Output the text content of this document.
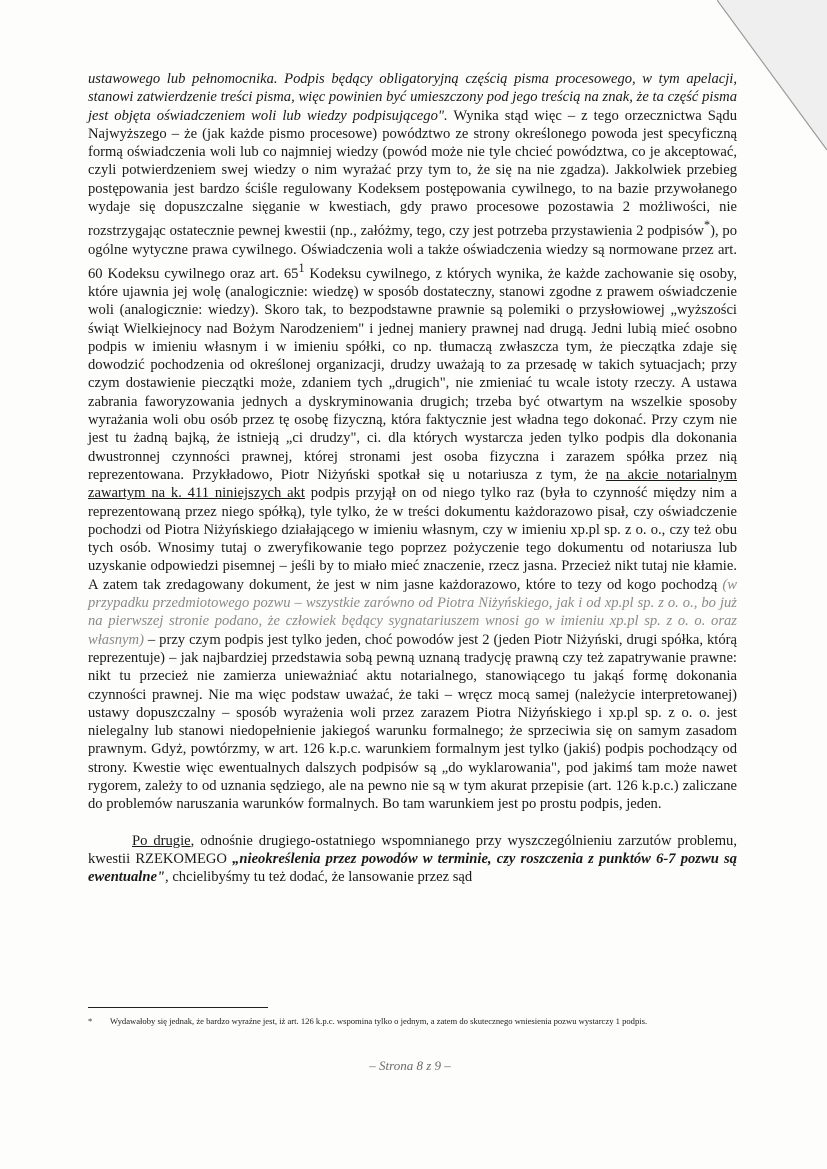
ustawowego lub pełnomocnika. Podpis będący obligatoryjną częścią pisma procesowego, w tym apelacji, stanowi zatwierdzenie treści pisma, więc powinien być umieszczony pod jego treścią na znak, że ta część pisma jest objęta oświadczeniem woli lub wiedzy podpisującego". Wynika stąd więc – z tego orzecznictwa Sądu Najwyższego – że (jak każde pismo procesowe) powództwo ze strony określonego powoda jest specyficzną formą oświadczenia woli lub co najmniej wiedzy (powód może nie tyle chcieć powództwa, co je akceptować, czyli potwierdzeniem swej wiedzy o nim wyrażać przy tym to, że się na nie zgadza). Jakkolwiek przebieg postępowania jest bardzo ściśle regulowany Kodeksem postępowania cywilnego, to na bazie przywołanego wydaje się dopuszczalne sięganie w kwestiach, gdy prawo procesowe pozostawia 2 możliwości, nie rozstrzygając ostatecznie pewnej kwestii (np., załóżmy, tego, czy jest potrzeba przystawienia 2 podpisów*), po ogólne wytyczne prawa cywilnego. Oświadczenia woli a także oświadczenia wiedzy są normowane przez art. 60 Kodeksu cywilnego oraz art. $65^1$ Kodeksu cywilnego, z których wynika, że każde zachowanie się osoby, które ujawnia jej wolę (analogicznie: wiedzę) w sposób dostateczny, stanowi zgodne z prawem oświadczenie woli (analogicznie: wiedzy). Skoro tak, to bezpodstawne prawnie są polemiki o przysłowiowej „wyższości świąt Wielkiejnocy nad Bożym Narodzeniem" i jednej maniery prawnej nad drugą. Jedni lubią mieć osobno podpis w imieniu własnym i w imieniu spółki, co np. tłumaczą zwłaszcza tym, że pieczątka zdaje się dowodzić pochodzenia od określonej organizacji, drudzy uważają to za przesadę w takich sytuacjach; przy czym dostawienie pieczątki może, zdaniem tych „drugich", nie zmieniać tu wcale istoty rzeczy. A ustawa zabrania faworyzowania jednych a dyskryminowania drugich; trzeba być otwartym na wszelkie sposoby wyrażania woli obu osób przez tę osobę fizyczną, która faktycznie jest władna tego dokonać. Przy czym nie jest tu żadną bajką, że istnieją „ci drudzy", ci. dla których wystarcza jeden tylko podpis dla dokonania dwustronnej czynności prawnej, której stronami jest osoba fizyczna i zarazem spółka przez nią reprezentowana. Przykładowo, Piotr Niżyński spotkał się u notariusza z tym, że na akcie notarialnym zawartym na k. 411 niniejszych akt podpis przyjął on od niego tylko raz (była to czynność między nim a reprezentowaną przez niego spółką), tyle tylko, że w treści dokumentu każdorazowo pisał, czy oświadczenie pochodzi od Piotra Niżyńskiego działającego w imieniu własnym, czy w imieniu xp.pl sp. z o. o., czy też obu tych osób. Wnosimy tutaj o zweryfikowanie tego poprzez pożyczenie tego dokumentu od notariusza lub uzyskanie odpowiedzi pisemnej – jeśli by to miało mieć znaczenie, rzecz jasna. Przecież nikt tutaj nie kłamie. A zatem tak zredagowany dokument, że jest w nim jasne każdorazowo, które to tezy od kogo pochodzą (w przypadku przedmiotowego pozwu – wszystkie zarówno od Piotra Niżyńskiego, jak i od xp.pl sp. z o. o., bo już na pierwszej stronie podano, że człowiek będący sygnatariuszem wnosi go w imieniu xp.pl sp. z o. o. oraz własnym) – przy czym podpis jest tylko jeden, choć powodów jest 2 (jeden Piotr Niżyński, drugi spółka, którą reprezentuje) – jak najbardziej przedstawia sobą pewną uznaną tradycję prawną czy też zapatrywanie prawne: nikt tu przecież nie zamierza unieważniać aktu notarialnego, stanowiącego tu jakąś formę dokonania czynności prawnej. Nie ma więc podstaw uważać, że taki – wręcz mocą samej (należycie interpretowanej) ustawy dopuszczalny – sposób wyrażenia woli przez zarazem Piotra Niżyńskiego i xp.pl sp. z o. o. jest nielegalny lub stanowi niedopełnienie jakiegoś warunku formalnego; że sprzeciwia się on samym zasadom prawnym. Gdyż, powtórzmy, w art. 126 k.p.c. warunkiem formalnym jest tylko (jakiś) podpis pochodzący od strony. Kwestie więc ewentualnych dalszych podpisów są „do wyklarowania", pod jakimś tam może nawet rygorem, zależy to od uznania sędziego, ale na pewno nie są w tym akurat przepisie (art. 126 k.p.c.) zaliczane do problemów naruszania warunków formalnych. Bo tam warunkiem jest po prostu podpis, jeden.

Po drugie, odnośnie drugiego-ostatniego wspomnianego przy wyszczególnieniu zarzutów problemu, kwestii RZEKOMEGO „nieokreślenia przez powodów w terminie, czy roszczenia z punktów 6-7 pozwu są ewentualne", chcielibyśmy tu też dodać, że lansowanie przez sąd

*	Wydawałoby się jednak, że bardzo wyraźne jest, iż art. 126 k.p.c. wspomina tylko o jednym, a zatem do skutecznego wniesienia pozwu wystarczy 1 podpis.
– Strona 8 z 9 –
